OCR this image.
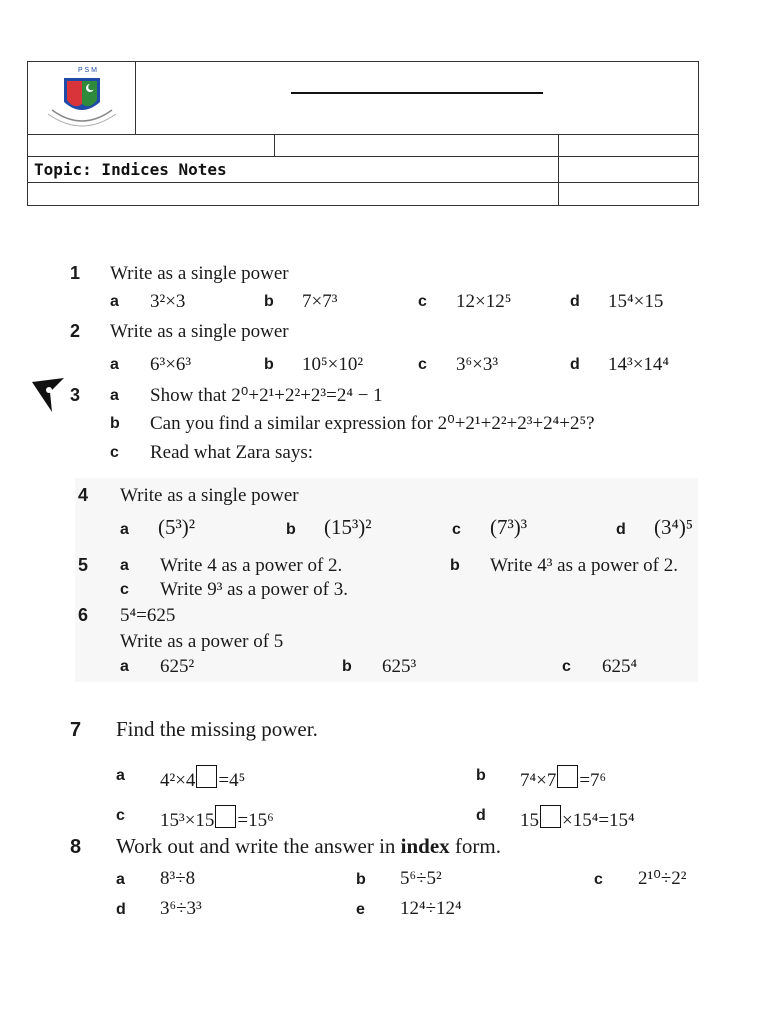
P S M
Topic: Indices Notes
1 Write as a single power
a 3²×3	b 7×7³	c 12×12⁵	d 15⁴×15
2 Write as a single power
a 6³×6³	b 10⁵×10²	c 3⁶×3³	d 14³×14⁴
3 a Show that 2⁰+2¹+2²+2³=2⁴ − 1
b Can you find a similar expression for 2⁰+2¹+2²+2³+2⁴+2⁵?
c Read what Zara says:
4 Write as a single power
a (5³)²	b (15³)²	c (7³)³	d (3⁴)⁵
5 a Write 4 as a power of 2.	b Write 4³ as a power of 2.
c Write 9³ as a power of 3.
6 5⁴=625
Write as a power of 5
a 625²	b 625³	c 625⁴
7 Find the missing power.
a 4²×4 =4⁵	b 7⁴×7 =7⁶
c 15³×15 =15⁶	d 15 ×15⁴=15⁴
8 Work out and write the answer in index form.
a 8³÷8	b 5⁶÷5²	c 2¹⁰÷2²
d 3⁶÷3³	e 12⁴÷12⁴
